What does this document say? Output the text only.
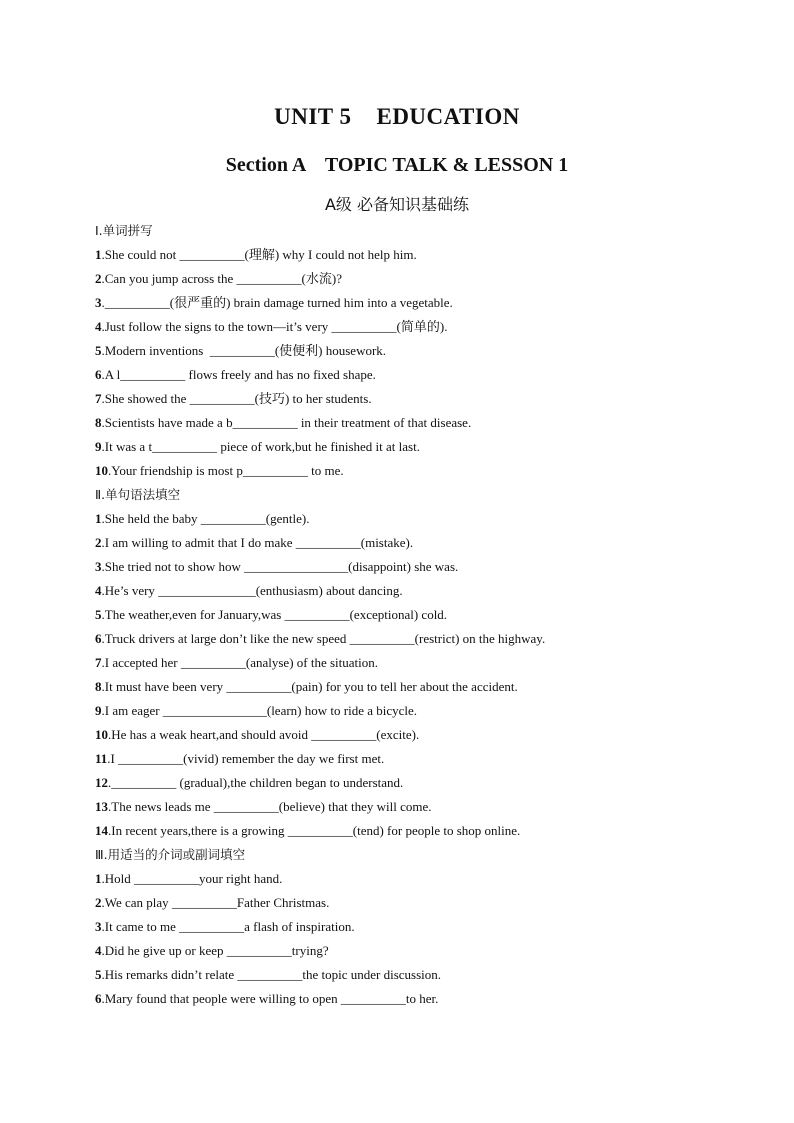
UNIT 5    EDUCATION
Section A    TOPIC TALK & LESSON 1
A级 必备知识基础练
Ⅰ.单词拼写
1.She could not __________(理解) why I could not help him.
2.Can you jump across the __________(水流)?
3.__________(很严重的) brain damage turned him into a vegetable.
4.Just follow the signs to the town—it’s very __________(简单的).
5.Modern inventions  __________(使便利) housework.
6.A l__________ flows freely and has no fixed shape.
7.She showed the __________(技巧) to her students.
8.Scientists have made a b__________ in their treatment of that disease.
9.It was a t__________ piece of work,but he finished it at last.
10.Your friendship is most p__________ to me.
Ⅱ.单句语法填空
1.She held the baby __________(gentle).
2.I am willing to admit that I do make __________(mistake).
3.She tried not to show how ________________(disappoint) she was.
4.He’s very _______________(enthusiasm) about dancing.
5.The weather,even for January,was __________(exceptional) cold.
6.Truck drivers at large don’t like the new speed __________(restrict) on the highway.
7.I accepted her __________(analyse) of the situation.
8.It must have been very __________(pain) for you to tell her about the accident.
9.I am eager ________________(learn) how to ride a bicycle.
10.He has a weak heart,and should avoid __________(excite).
11.I __________(vivid) remember the day we first met.
12.__________ (gradual),the children began to understand.
13.The news leads me __________(believe) that they will come.
14.In recent years,there is a growing __________(tend) for people to shop online.
Ⅲ.用适当的介词或副词填空
1.Hold __________your right hand.
2.We can play __________Father Christmas.
3.It came to me __________a flash of inspiration.
4.Did he give up or keep __________trying?
5.His remarks didn’t relate __________the topic under discussion.
6.Mary found that people were willing to open __________to her.
